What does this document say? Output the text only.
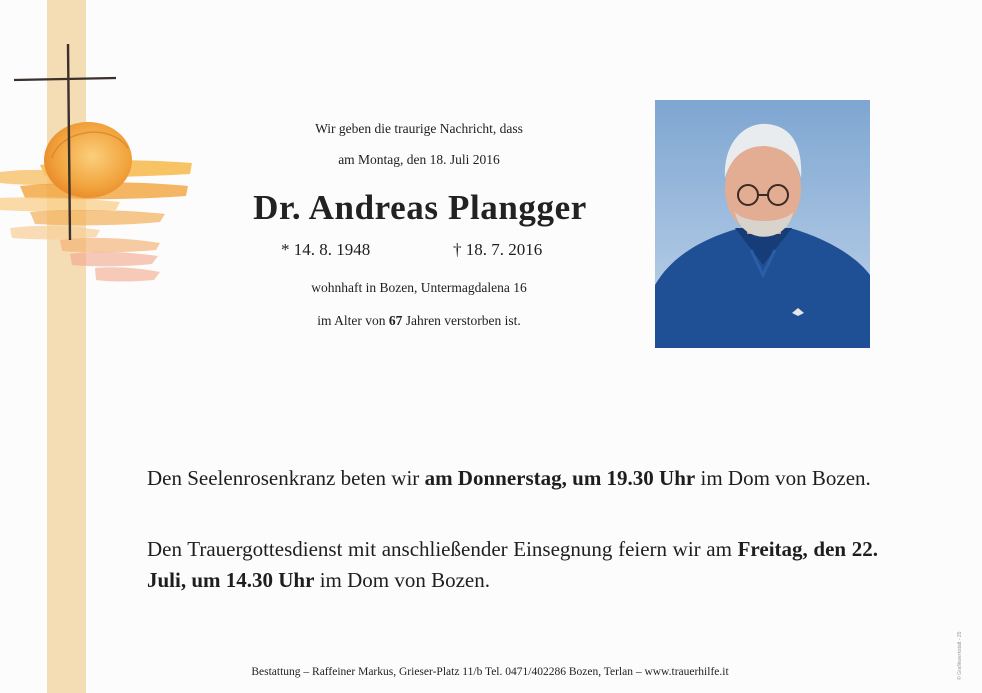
Wir geben die traurige Nachricht, dass
am Montag, den 18. Juli 2016
Dr. Andreas Plangger
* 14. 8. 1948	† 18. 7. 2016
wohnhaft in Bozen, Untermagdalena 16
im Alter von 67 Jahren verstorben ist.
Den Seelenrosenkranz beten wir am Donnerstag, um 19.30 Uhr im Dom von Bozen.
Den Trauergottesdienst mit anschließender Einsegnung feiern wir am Freitag, den 22. Juli, um 14.30 Uhr im Dom von Bozen.
Bestattung – Raffeiner Markus, Grieser-Platz 11/b Tel. 0471/402286 Bozen, Terlan – www.trauerhilfe.it	© Grafikwerkstatt - 25
